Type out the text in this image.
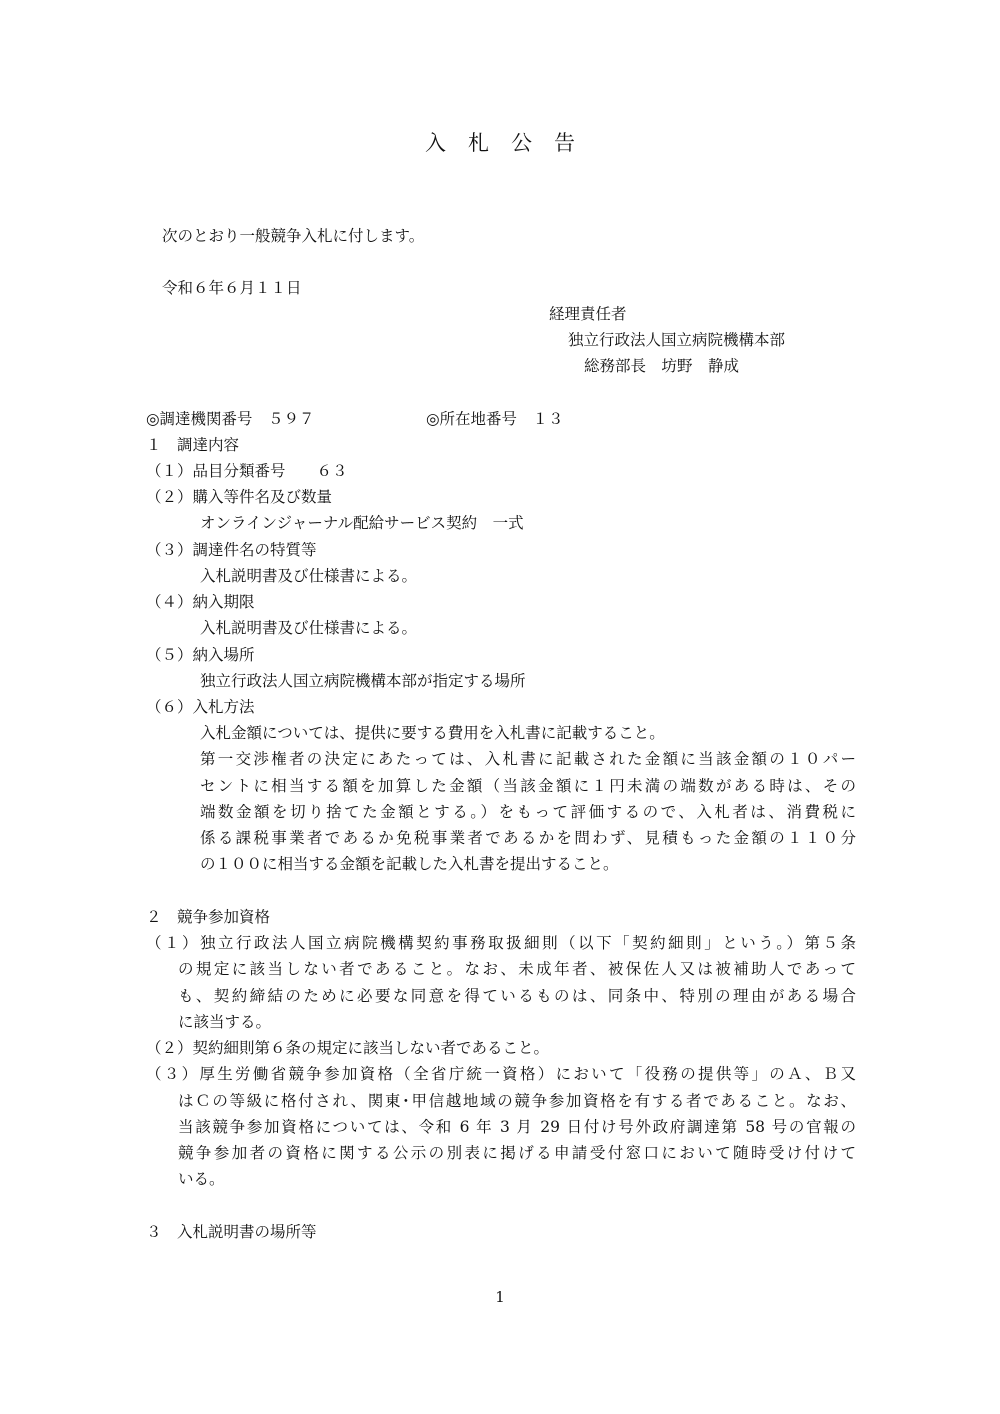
入 札 公 告
次のとおり一般競争入札に付します。
令和６年６月１１日
経理責任者
独立行政法人国立病院機構本部
総務部長　坊野　静成
◎調達機関番号　５９７	◎所在地番号　１３
１　調達内容
（１）品目分類番号　　６３
（２）購入等件名及び数量
オンラインジャーナル配給サービス契約　一式
（３）調達件名の特質等
入札説明書及び仕様書による。
（４）納入期限
入札説明書及び仕様書による。
（５）納入場所
独立行政法人国立病院機構本部が指定する場所
（６）入札方法
入札金額については、提供に要する費用を入札書に記載すること。
第一交渉権者の決定にあたっては、入札書に記載された金額に当該金額の１０パー
セントに相当する額を加算した金額（当該金額に１円未満の端数がある時は、その
端数金額を切り捨てた金額とする。）をもって評価するので、入札者は、消費税に
係る課税事業者であるか免税事業者であるかを問わず、見積もった金額の１１０分
の１００に相当する金額を記載した入札書を提出すること。
２　競争参加資格
（１）独立行政法人国立病院機構契約事務取扱細則（以下「契約細則」という。）第５条
の規定に該当しない者であること。なお、未成年者、被保佐人又は被補助人であって
も、契約締結のために必要な同意を得ているものは、同条中、特別の理由がある場合
に該当する。
（２）契約細則第６条の規定に該当しない者であること。
（３）厚生労働省競争参加資格（全省庁統一資格）において「役務の提供等」のＡ、Ｂ又
はＣの等級に格付され、関東･甲信越地域の競争参加資格を有する者であること。なお、
当該競争参加資格については、令和 6 年 3 月 29 日付け号外政府調達第 58 号の官報の
競争参加者の資格に関する公示の別表に掲げる申請受付窓口において随時受け付けて
いる。
３　入札説明書の場所等
1
